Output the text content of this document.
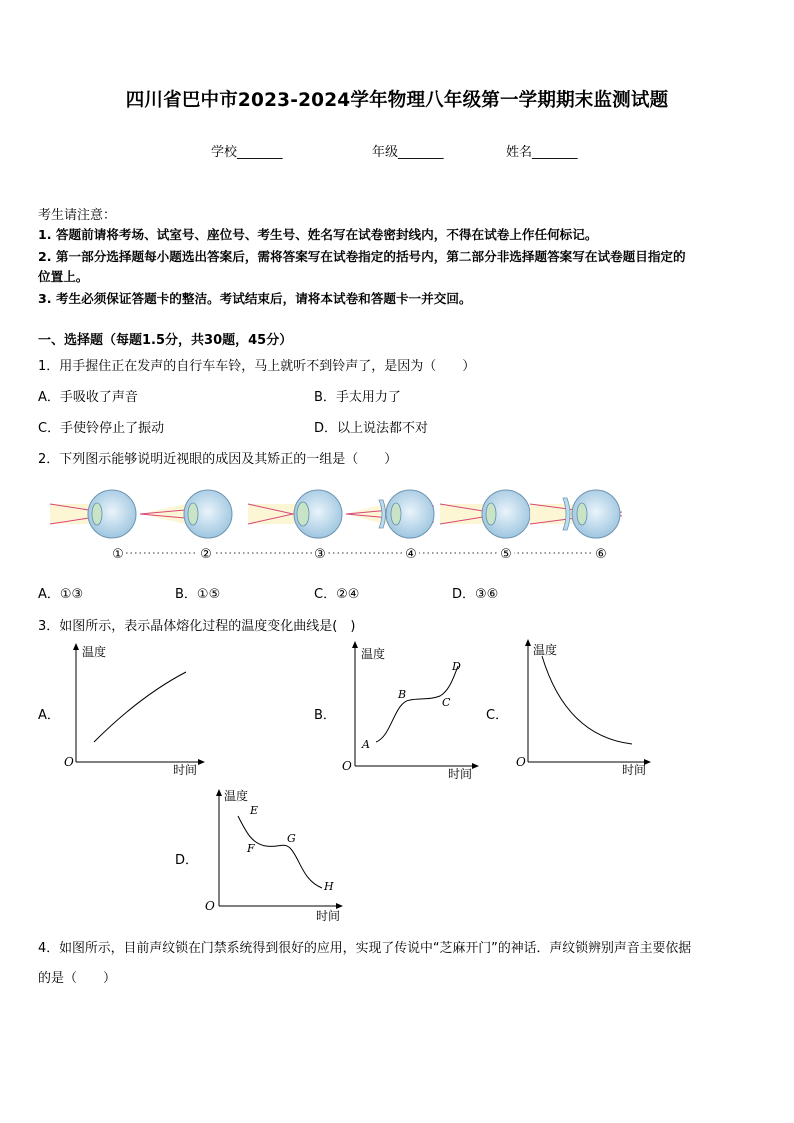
四川省巴中市2023-2024学年物理八年级第一学期期末监测试题
学校_______	年级_______	姓名_______
考生请注意：
1. 答题前请将考场、试室号、座位号、考生号、姓名写在试卷密封线内，不得在试卷上作任何标记。
2. 第一部分选择题每小题选出答案后，需将答案写在试卷指定的括号内，第二部分非选择题答案写在试卷题目指定的
位置上。
3. 考生必须保证答题卡的整洁。考试结束后，请将本试卷和答题卡一并交回。
一、选择题（每题1.5分，共30题，45分）
1．用手握住正在发声的自行车车铃，马上就听不到铃声了，是因为（　　）
A．手吸收了声音	B．手太用力了
C．手使铃停止了振动	D．以上说法都不对
2．下列图示能够说明近视眼的成因及其矫正的一组是（　　）
①	②	③	④	⑤	⑥
A．①③	B．①⑤	C．②④	D．③⑥
3．如图所示，表示晶体熔化过程的温度变化曲线是(　)
A．	B．	C．
D．
温度
时间
O
温度
时间
O
A
B
C
D
温度
时间
O
温度
时间
O
E
F
G
H
4．如图所示，目前声纹锁在门禁系统得到很好的应用，实现了传说中“芝麻开门”的神话．声纹锁辨别声音主要依据
的是（　　）
